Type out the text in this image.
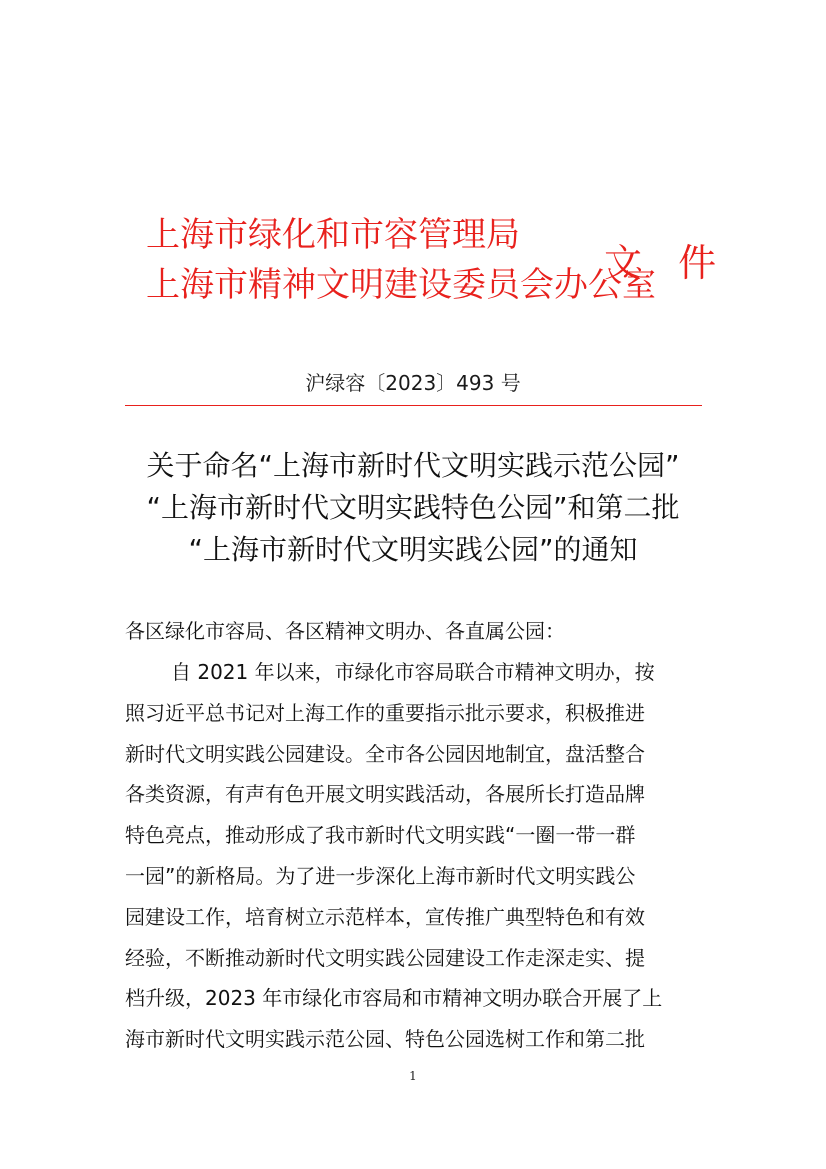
上海市绿化和市容管理局
上海市精神文明建设委员会办公室
文 件
沪绿容〔2023〕493 号
关于命名“上海市新时代文明实践示范公园”
“上海市新时代文明实践特色公园”和第二批
“上海市新时代文明实践公园”的通知
各区绿化市容局、各区精神文明办、各直属公园：
自 2021 年以来，市绿化市容局联合市精神文明办，按
照习近平总书记对上海工作的重要指示批示要求，积极推进
新时代文明实践公园建设。全市各公园因地制宜，盘活整合
各类资源，有声有色开展文明实践活动，各展所长打造品牌
特色亮点，推动形成了我市新时代文明实践“一圈一带一群
一园”的新格局。为了进一步深化上海市新时代文明实践公
园建设工作，培育树立示范样本，宣传推广典型特色和有效
经验，不断推动新时代文明实践公园建设工作走深走实、提
档升级，2023 年市绿化市容局和市精神文明办联合开展了上
海市新时代文明实践示范公园、特色公园选树工作和第二批
1
